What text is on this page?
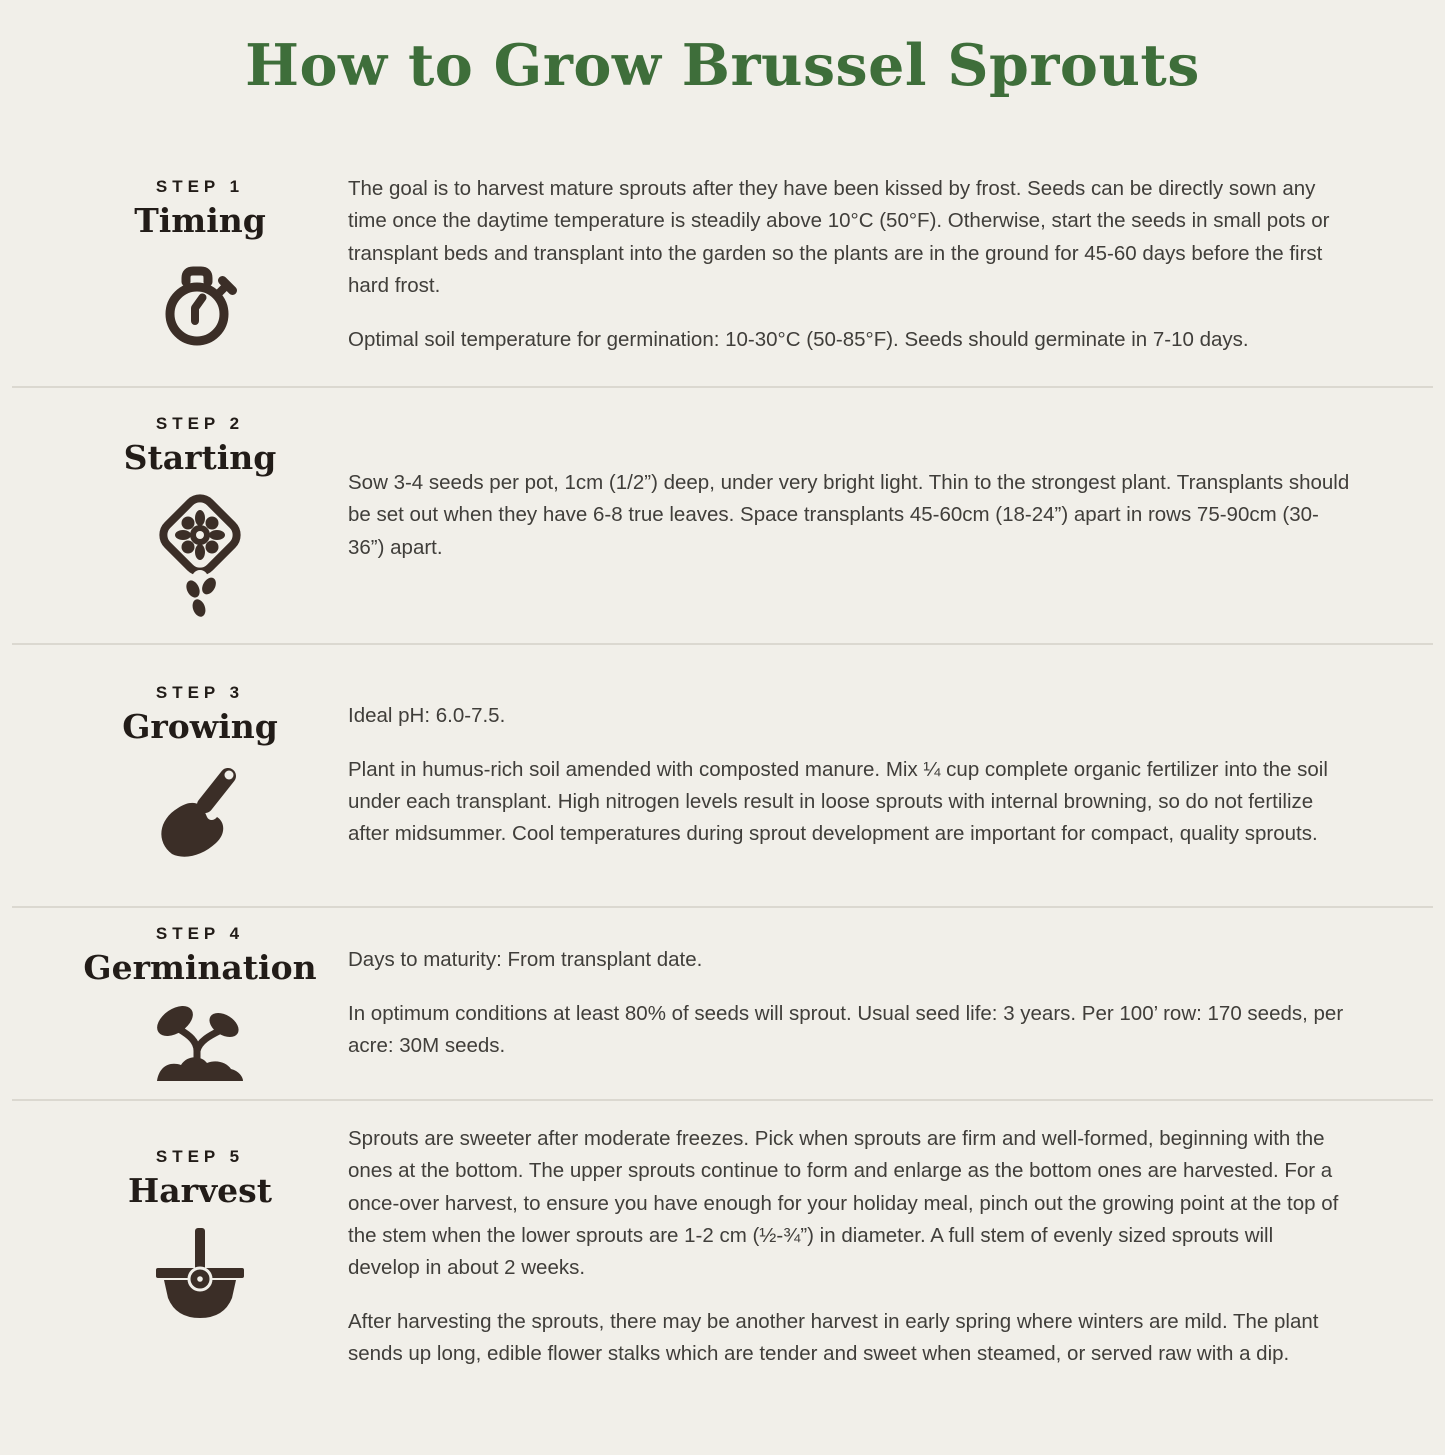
How to Grow Brussel Sprouts
STEP 1
Timing

The goal is to harvest mature sprouts after they have been kissed by frost. Seeds can be directly sown any time once the daytime temperature is steadily above 10°C (50°F). Otherwise, start the seeds in small pots or transplant beds and transplant into the garden so the plants are in the ground for 45-60 days before the first hard frost.

Optimal soil temperature for germination: 10-30°C (50-85°F). Seeds should germinate in 7-10 days.

STEP 2
Starting

Sow 3-4 seeds per pot, 1cm (1/2”) deep, under very bright light. Thin to the strongest plant. Transplants should be set out when they have 6-8 true leaves. Space transplants 45-60cm (18-24”) apart in rows 75-90cm (30-36”) apart.

STEP 3
Growing	Ideal pH: 6.0-7.5.

Plant in humus-rich soil amended with composted manure. Mix ¼ cup complete organic fertilizer into the soil under each transplant. High nitrogen levels result in loose sprouts with internal browning, so do not fertilize after midsummer. Cool temperatures during sprout development are important for compact, quality sprouts.

STEP 4
Germination Days to maturity: From transplant date.

In optimum conditions at least 80% of seeds will sprout. Usual seed life: 3 years. Per 100’ row: 170 seeds, per acre: 30M seeds.

STEP 5
Harvest

Sprouts are sweeter after moderate freezes. Pick when sprouts are firm and well-formed, beginning with the ones at the bottom. The upper sprouts continue to form and enlarge as the bottom ones are harvested. For a once-over harvest, to ensure you have enough for your holiday meal, pinch out the growing point at the top of the stem when the lower sprouts are 1-2 cm (½-¾”) in diameter. A full stem of evenly sized sprouts will develop in about 2 weeks.

After harvesting the sprouts, there may be another harvest in early spring where winters are mild. The plant sends up long, edible flower stalks which are tender and sweet when steamed, or served raw with a dip.
